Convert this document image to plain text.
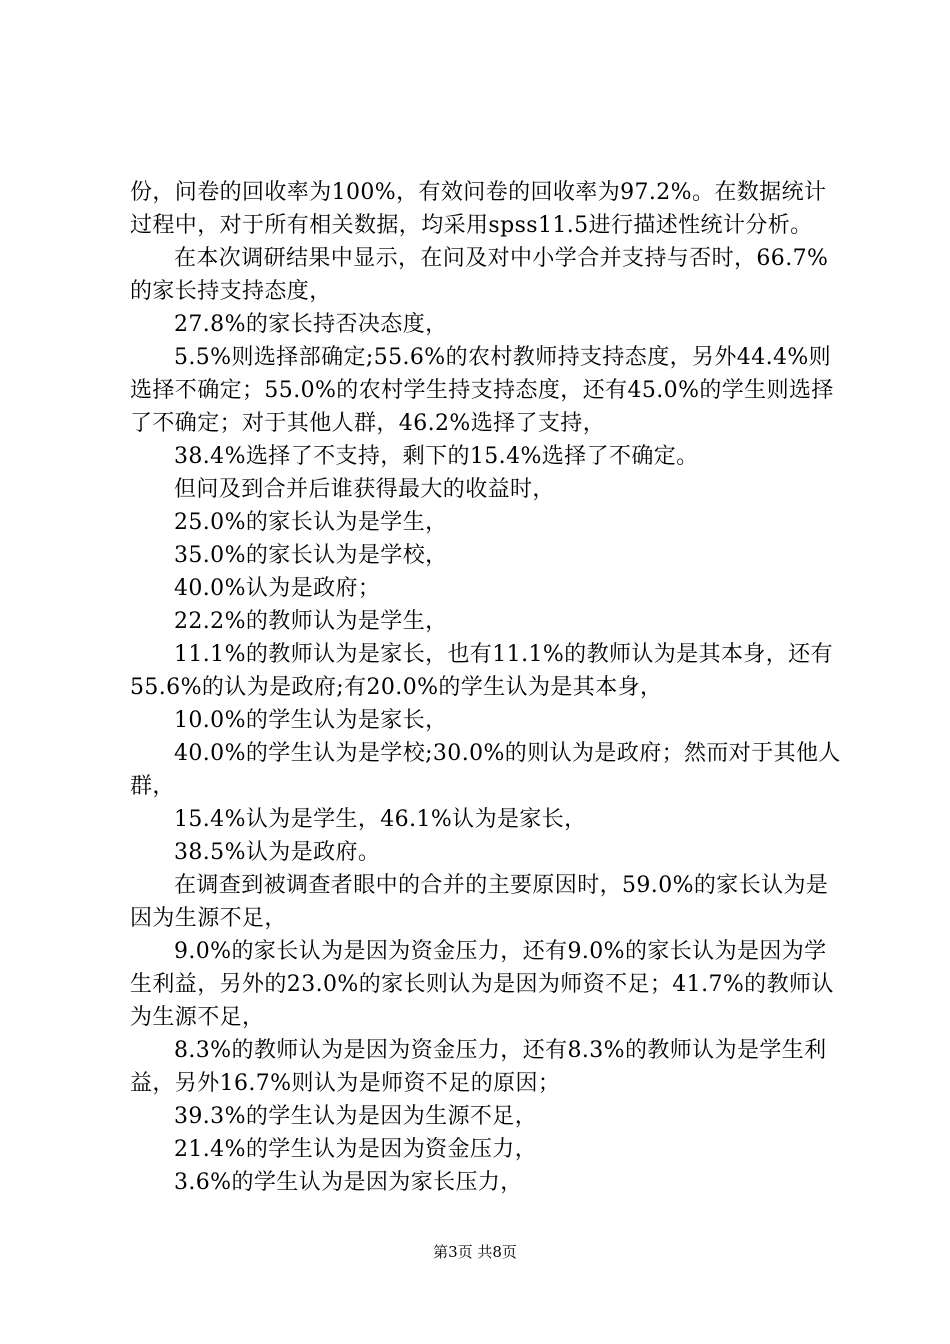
份，问卷的回收率为100%，有效问卷的回收率为97.2%。在数据统计过程中，对于所有相关数据，均采用spss11.5进行描述性统计分析。

在本次调研结果中显示，在问及对中小学合并支持与否时，66.7%的家长持支持态度，

27.8%的家长持否决态度，

5.5%则选择部确定;55.6%的农村教师持支持态度，另外44.4%则选择不确定；55.0%的农村学生持支持态度，还有45.0%的学生则选择了不确定；对于其他人群，46.2%选择了支持，

38.4%选择了不支持，剩下的15.4%选择了不确定。

但问及到合并后谁获得最大的收益时，

25.0%的家长认为是学生，

35.0%的家长认为是学校，

40.0%认为是政府；

22.2%的教师认为是学生，

11.1%的教师认为是家长，也有11.1%的教师认为是其本身，还有55.6%的认为是政府;有20.0%的学生认为是其本身，

10.0%的学生认为是家长，

40.0%的学生认为是学校;30.0%的则认为是政府；然而对于其他人群，

15.4%认为是学生，46.1%认为是家长，

38.5%认为是政府。

在调查到被调查者眼中的合并的主要原因时，59.0%的家长认为是因为生源不足，

9.0%的家长认为是因为资金压力，还有9.0%的家长认为是因为学生利益，另外的23.0%的家长则认为是因为师资不足；41.7%的教师认为生源不足，

8.3%的教师认为是因为资金压力，还有8.3%的教师认为是学生利益，另外16.7%则认为是师资不足的原因；

39.3%的学生认为是因为生源不足，

21.4%的学生认为是因为资金压力，

3.6%的学生认为是因为家长压力，

第3页 共8页
